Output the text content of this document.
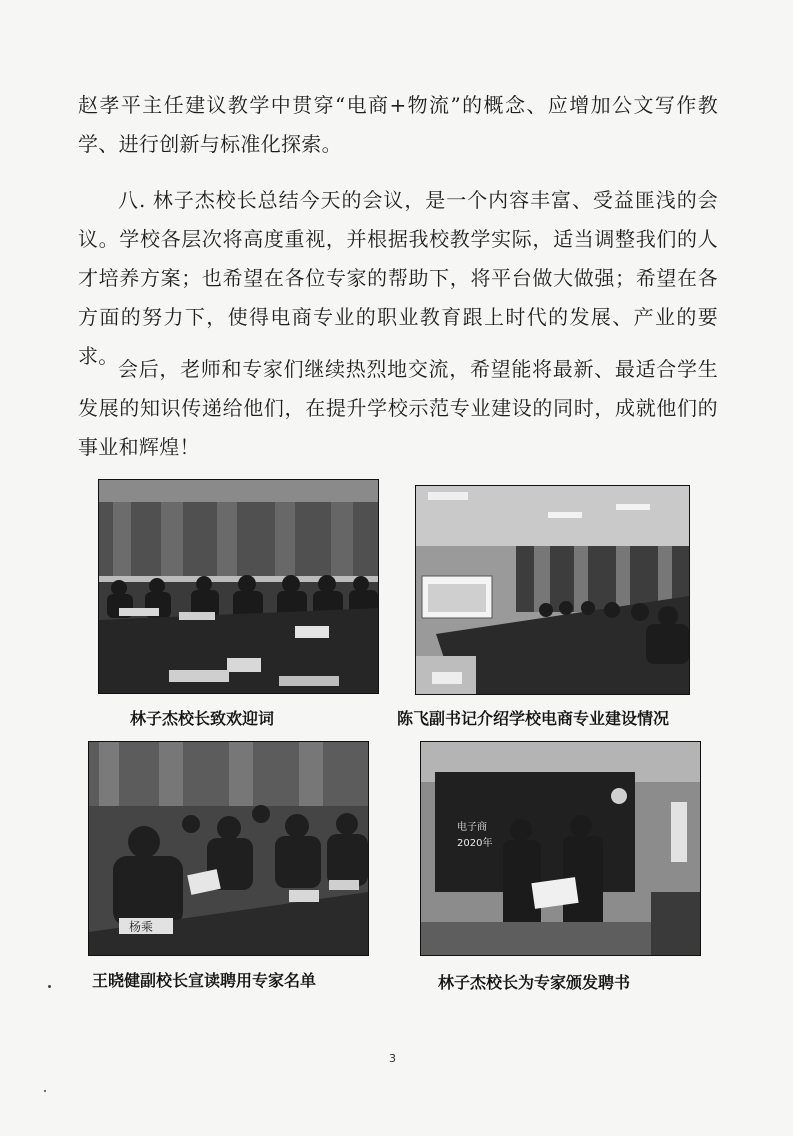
赵孝平主任建议教学中贯穿“电商+物流”的概念、应增加公文写作教学、进行创新与标准化探索。

八. 林子杰校长总结今天的会议，是一个内容丰富、受益匪浅的会议。学校各层次将高度重视，并根据我校教学实际，适当调整我们的人才培养方案；也希望在各位专家的帮助下，将平台做大做强；希望在各方面的努力下，使得电商专业的职业教育跟上时代的发展、产业的要求。

会后，老师和专家们继续热烈地交流，希望能将最新、最适合学生发展的知识传递给他们，在提升学校示范专业建设的同时，成就他们的事业和辉煌！

杨乘
电子商
2020年
林子杰校长致欢迎词	陈飞副书记介绍学校电商专业建设情况
王晓健副校长宣读聘用专家名单	林子杰校长为专家颁发聘书
3
